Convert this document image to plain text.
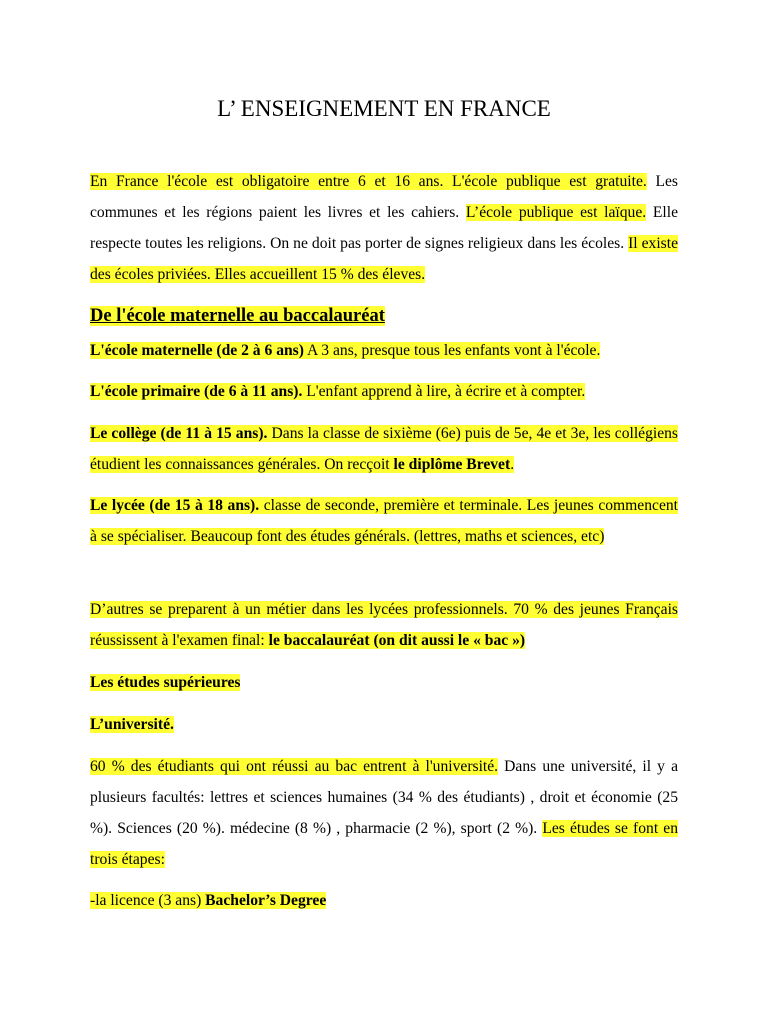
L’ ENSEIGNEMENT EN FRANCE

En France l'école est obligatoire entre 6 et 16 ans. L'école publique est gratuite. Les communes et les régions paient les livres et les cahiers. L’école publique est laïque. Elle respecte toutes les religions. On ne doit pas porter de signes religieux dans les écoles. Il existe des écoles priviées. Elles accueillent 15 % des éleves.

De l'école maternelle au baccalauréat

L'école maternelle (de 2 à 6 ans) A 3 ans, presque tous les enfants vont à l'école.

L'école primaire (de 6 à 11 ans). L'enfant apprend à lire, à écrire et à compter.

Le collège (de 11 à 15 ans). Dans la classe de sixième (6e) puis de 5e, 4e et 3e, les collégiens étudient les connaissances générales. On recçoit le diplôme Brevet.

Le lycée (de 15 à 18 ans). classe de seconde, première et terminale. Les jeunes commencent à se spécialiser. Beaucoup font des études générals. (lettres, maths et sciences, etc)

D’autres se preparent à un métier dans les lycées professionnels. 70 % des jeunes Français réussissent à l'examen final: le baccalauréat (on dit aussi le « bac »)

Les études supérieures

L’université.

60 % des étudiants qui ont réussi au bac entrent à l'université. Dans une université, il y a plusieurs facultés: lettres et sciences humaines (34 % des étudiants) , droit et économie (25 %). Sciences (20 %). médecine (8 %) , pharmacie (2 %), sport (2 %). Les études se font en trois étapes:

-la licence (3 ans) Bachelor’s Degree
